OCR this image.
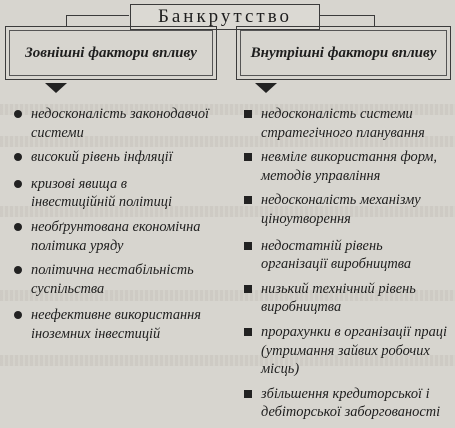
Банкрутство
Зовнішні фактори впливу	Внутрішні фактори впливу
недосконалість законодавчої системи
високий рівень інфляції
кризові явища в інвестиційній політиці
необґрунтована економічна політика уряду
політична нестабільність суспільства
неефективне використання іноземних інвестицій
недосконалість системи стратегічного планування
невміле використання форм, методів управління
недосконалість механізму ціноутворення
недостатній рівень організації виробництва
низький технічний рівень виробництва
прорахунки в організації праці (утримання зайвих робочих місць)
збільшення кредиторської і дебіторської заборгованості
